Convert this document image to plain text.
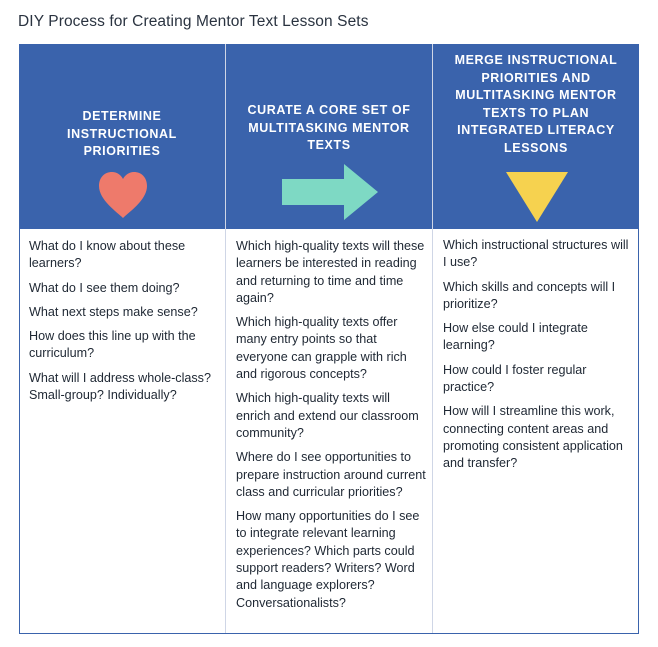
DIY Process for Creating Mentor Text Lesson Sets
DETERMINE INSTRUCTIONAL PRIORITIES
CURATE A CORE SET OF MULTITASKING MENTOR TEXTS
MERGE INSTRUCTIONAL PRIORITIES AND MULTITASKING MENTOR TEXTS TO PLAN INTEGRATED LITERACY LESSONS
What do I know about these learners?
What do I see them doing?
What next steps make sense?
How does this line up with the curriculum?
What will I address whole-class? Small-group? Individually?
Which high-quality texts will these learners be interested in reading and returning to time and time again?
Which high-quality texts offer many entry points so that everyone can grapple with rich and rigorous concepts?
Which high-quality texts will enrich and extend our classroom community?
Where do I see opportunities to prepare instruction around current class and curricular priorities?
How many opportunities do I see to integrate relevant learning experiences? Which parts could support readers? Writers? Word and language explorers? Conversationalists?
Which instructional structures will I use?
Which skills and concepts will I prioritize?
How else could I integrate learning?
How could I foster regular practice?
How will I streamline this work, connecting content areas and promoting consistent application and transfer?
